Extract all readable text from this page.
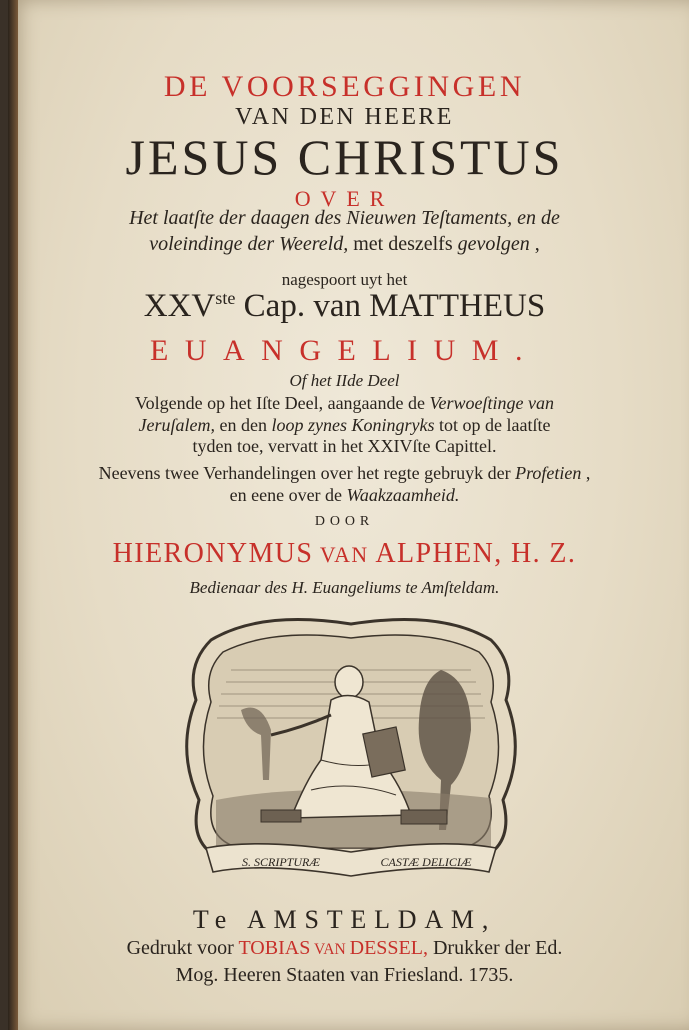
DE VOORSEGGINGEN
VAN DEN HEERE
JESUS CHRISTUS
OVER
Het laatſte der daagen des Nieuwen Teſtaments, en de
voleindinge der Weereld, met deszelfs gevolgen ,
nagespoort uyt het
XXVste Cap. van MATTHEUS
EUANGELIUM.
Of het IIde Deel
Volgende op het Iſte Deel, aangaande de Verwoeſtinge van
Jeruſalem, en den loop zynes Koningryks tot op de laatſte
tyden toe, vervatt in het XXIVſte Capittel.
Neevens twee Verhandelingen over het regte gebruyk der Profetien ,
en eene over de Waakzaamheid.
DOOR
HIERONYMUS VAN ALPHEN, H. Z.
Bedienaar des H. Euangeliums te Amſteldam.
S. SCRIPTURÆ	CASTÆ DELICIÆ
Te AMSTELDAM,
Gedrukt voor TOBIAS VAN DESSEL, Drukker der Ed.
Mog. Heeren Staaten van Friesland. 1735.
